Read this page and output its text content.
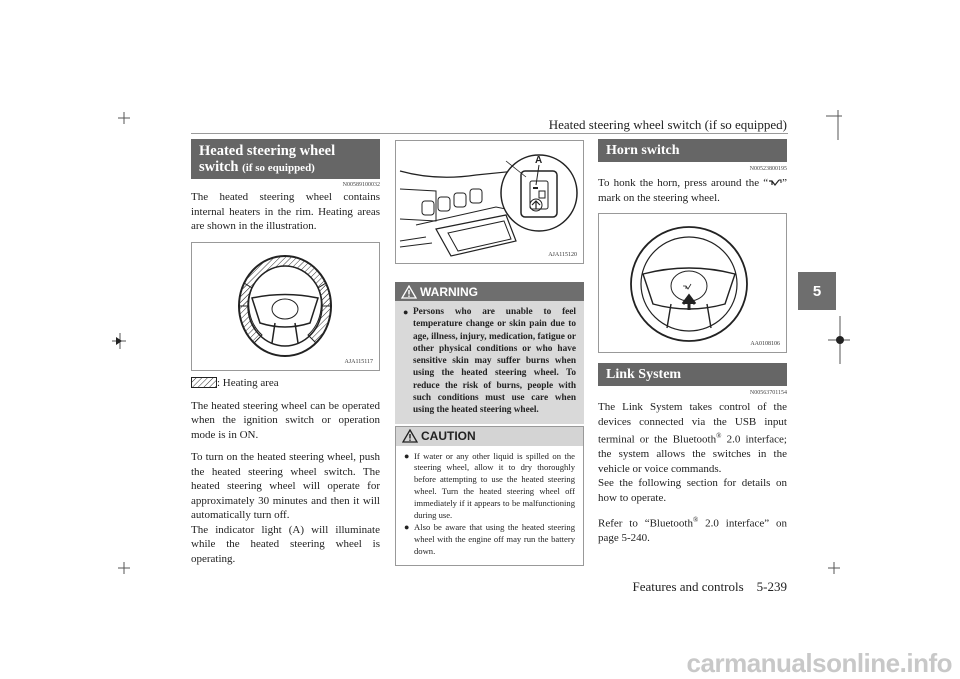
Heated steering wheel switch (if so equipped)
5
Heated steering wheel switch (if so equipped)
N00589100032

The heated steering wheel contains internal heaters in the rim. Heating areas are shown in the illustration.

AJA115117
: Heating area

The heated steering wheel can be operated when the ignition switch or operation mode is in ON.

To turn on the heated steering wheel, push the heated steering wheel switch. The heated steering wheel will operate for approximately 30 minutes and then it will automatically turn off.

The indicator light (A) will illuminate while the heated steering wheel is operating.

A
AJA115120
WARNING
● Persons who are unable to feel temperature change or skin pain due to age, illness, injury, medication, fatigue or other physical conditions or who have sensitive skin may suffer burns when using the heated steering wheel. To reduce the risk of burns, people with such conditions must use care when using the heated steering wheel.
CAUTION
● If water or any other liquid is spilled on the steering wheel, allow it to dry thoroughly before attempting to use the heated steering wheel. Turn the heated steering wheel off immediately if it appears to be malfunctioning during use.
● Also be aware that using the heated steering wheel with the engine off may run the battery down.
Horn switch
N00523800195

To honk the horn, press around the “ ” mark on the steering wheel.

AA0108106
Link System
N00563701154

The Link System takes control of the devices connected via the USB input terminal or the Bluetooth® 2.0 interface; the system allows the switches in the vehicle or voice commands.

See the following section for details on how to operate.

Refer to “Bluetooth® 2.0 interface” on page 5-240.

Features and controls    5-239
carmanualsonline.info
